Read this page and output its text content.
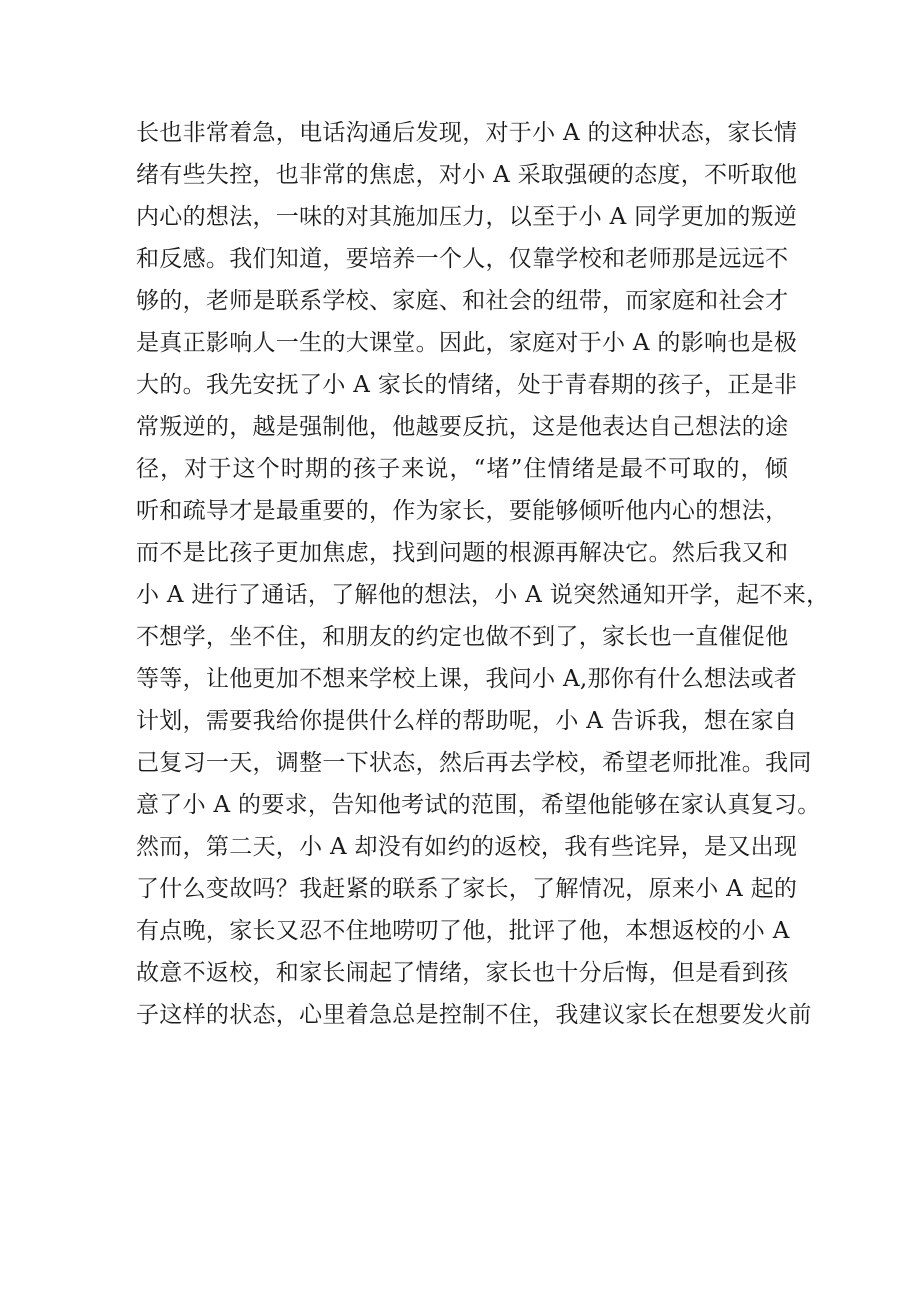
长也非常着急，电话沟通后发现，对于小 A 的这种状态，家长情
绪有些失控，也非常的焦虑，对小 A 采取强硬的态度，不听取他
内心的想法，一味的对其施加压力，以至于小 A 同学更加的叛逆
和反感。我们知道，要培养一个人，仅靠学校和老师那是远远不
够的，老师是联系学校、家庭、和社会的纽带，而家庭和社会才
是真正影响人一生的大课堂。因此，家庭对于小 A 的影响也是极
大的。我先安抚了小 A 家长的情绪，处于青春期的孩子，正是非
常叛逆的，越是强制他，他越要反抗，这是他表达自己想法的途
径，对于这个时期的孩子来说，“堵”住情绪是最不可取的，倾
听和疏导才是最重要的，作为家长，要能够倾听他内心的想法，
而不是比孩子更加焦虑，找到问题的根源再解决它。然后我又和
小 A 进行了通话，了解他的想法，小 A 说突然通知开学，起不来，
不想学，坐不住，和朋友的约定也做不到了，家长也一直催促他
等等，让他更加不想来学校上课，我问小 A,那你有什么想法或者
计划，需要我给你提供什么样的帮助呢，小 A 告诉我，想在家自
己复习一天，调整一下状态，然后再去学校，希望老师批准。我同
意了小 A 的要求，告知他考试的范围，希望他能够在家认真复习。
然而，第二天，小 A 却没有如约的返校，我有些诧异，是又出现
了什么变故吗？我赶紧的联系了家长，了解情况，原来小 A 起的
有点晚，家长又忍不住地唠叨了他，批评了他，本想返校的小 A
故意不返校，和家长闹起了情绪，家长也十分后悔，但是看到孩
子这样的状态，心里着急总是控制不住，我建议家长在想要发火前
